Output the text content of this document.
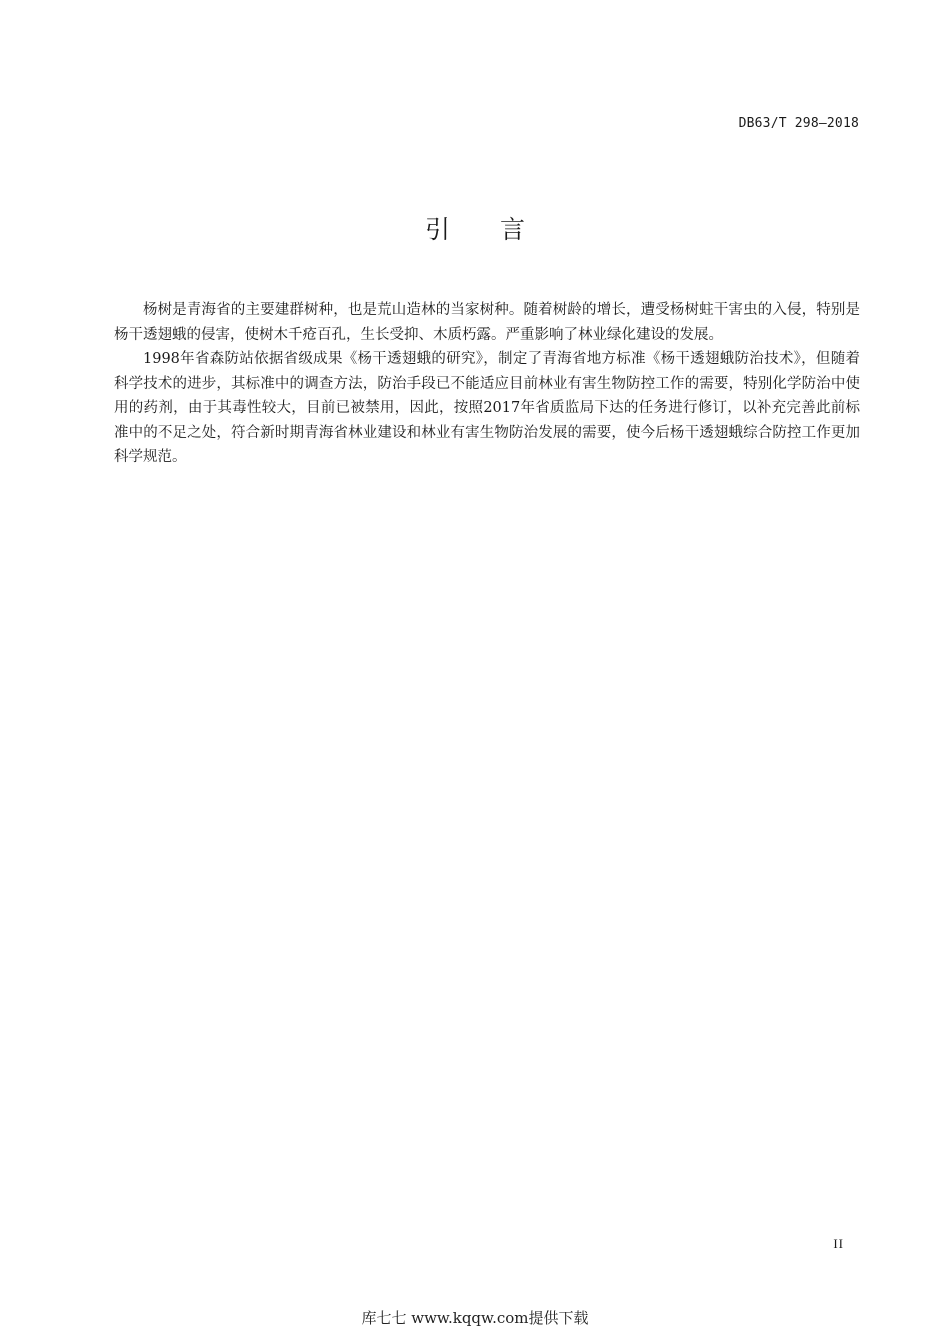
DB63/T 298—2018
引 言

杨树是青海省的主要建群树种，也是荒山造林的当家树种。随着树龄的增长，遭受杨树蛀干害虫的入侵，特别是杨干透翅蛾的侵害，使树木千疮百孔，生长受抑、木质朽露。严重影响了林业绿化建设的发展。

1998年省森防站依据省级成果《杨干透翅蛾的研究》，制定了青海省地方标准《杨干透翅蛾防治技术》，但随着科学技术的进步，其标准中的调查方法，防治手段已不能适应目前林业有害生物防控工作的需要，特别化学防治中使用的药剂，由于其毒性较大，目前已被禁用，因此，按照2017年省质监局下达的任务进行修订，以补充完善此前标准中的不足之处，符合新时期青海省林业建设和林业有害生物防治发展的需要，使今后杨干透翅蛾综合防控工作更加科学规范。

II
库七七 www.kqqw.com提供下载
